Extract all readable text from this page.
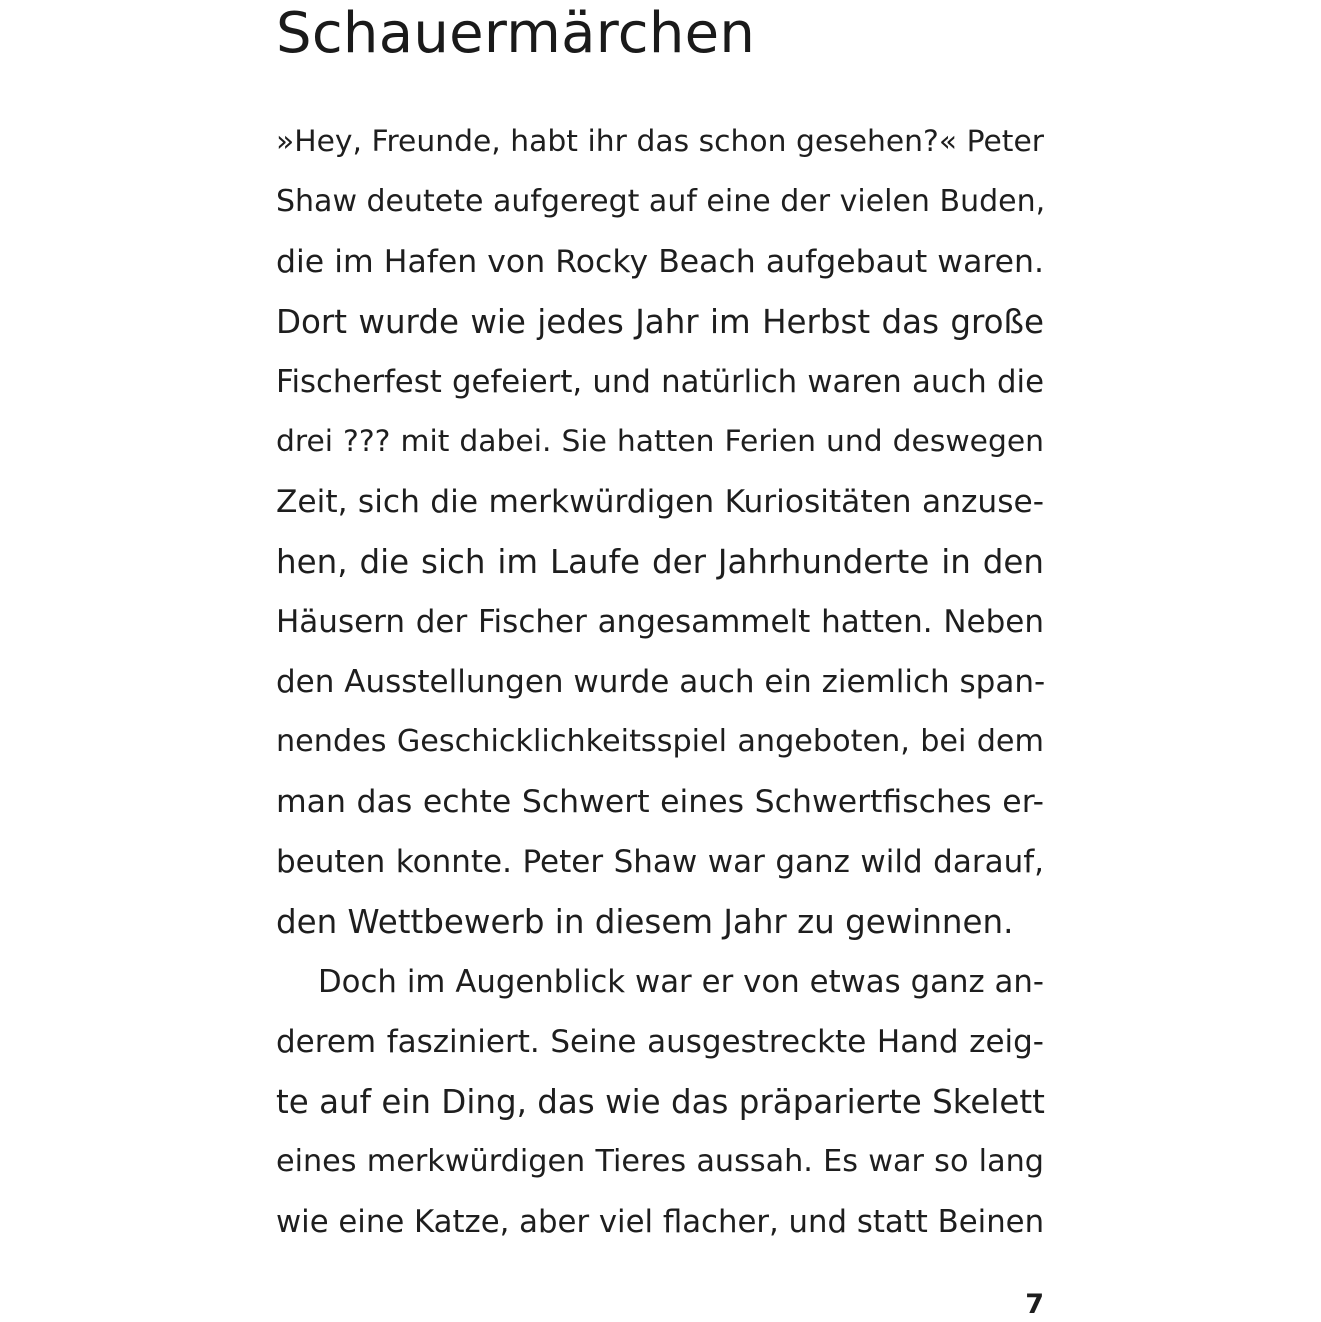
Schauermärchen
»Hey, Freunde, habt ihr das schon gesehen?« Peter
Shaw deutete aufgeregt auf eine der vielen Buden,
die im Hafen von Rocky Beach aufgebaut waren.
Dort wurde wie jedes Jahr im Herbst das große
Fischerfest gefeiert, und natürlich waren auch die
drei ??? mit dabei. Sie hatten Ferien und deswegen
Zeit, sich die merkwürdigen Kuriositäten anzuse-
hen, die sich im Laufe der Jahrhunderte in den
Häusern der Fischer angesammelt hatten. Neben
den Ausstellungen wurde auch ein ziemlich span-
nendes Geschicklichkeitsspiel angeboten, bei dem
man das echte Schwert eines Schwertfisches er-
beuten konnte. Peter Shaw war ganz wild darauf,
den Wettbewerb in diesem Jahr zu gewinnen.
Doch im Augenblick war er von etwas ganz an-
derem fasziniert. Seine ausgestreckte Hand zeig-
te auf ein Ding, das wie das präparierte Skelett
eines merkwürdigen Tieres aussah. Es war so lang
wie eine Katze, aber viel flacher, und statt Beinen
7
